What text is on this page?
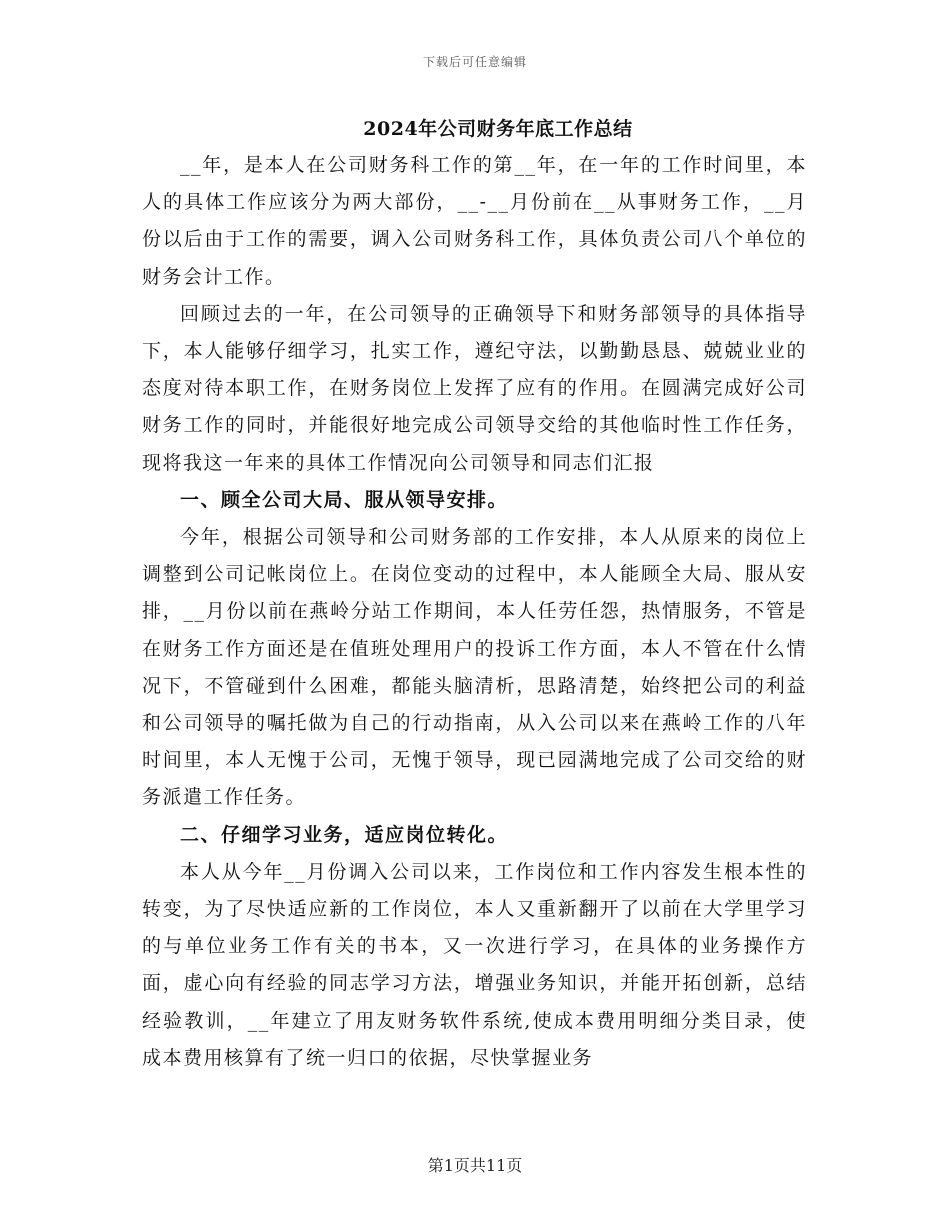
下载后可任意编辑
2024年公司财务年底工作总结

__年，是本人在公司财务科工作的第__年，在一年的工作时间里，本人的具体工作应该分为两大部份，__-__月份前在__从事财务工作，__月份以后由于工作的需要，调入公司财务科工作，具体负责公司八个单位的财务会计工作。

回顾过去的一年，在公司领导的正确领导下和财务部领导的具体指导下，本人能够仔细学习，扎实工作，遵纪守法，以勤勤恳恳、兢兢业业的态度对待本职工作，在财务岗位上发挥了应有的作用。在圆满完成好公司财务工作的同时，并能很好地完成公司领导交给的其他临时性工作任务，现将我这一年来的具体工作情况向公司领导和同志们汇报

一、顾全公司大局、服从领导安排。

今年，根据公司领导和公司财务部的工作安排，本人从原来的岗位上调整到公司记帐岗位上。在岗位变动的过程中，本人能顾全大局、服从安排，__月份以前在燕岭分站工作期间，本人任劳任怨，热情服务，不管是在财务工作方面还是在值班处理用户的投诉工作方面，本人不管在什么情况下，不管碰到什么困难，都能头脑清析，思路清楚，始终把公司的利益和公司领导的嘱托做为自己的行动指南，从入公司以来在燕岭工作的八年时间里，本人无愧于公司，无愧于领导，现已园满地完成了公司交给的财务派遣工作任务。

二、仔细学习业务，适应岗位转化。

本人从今年__月份调入公司以来，工作岗位和工作内容发生根本性的转变，为了尽快适应新的工作岗位，本人又重新翻开了以前在大学里学习的与单位业务工作有关的书本，又一次进行学习，在具体的业务操作方面，虚心向有经验的同志学习方法，增强业务知识，并能开拓创新，总结经验教训，__年建立了用友财务软件系统,使成本费用明细分类目录，使成本费用核算有了统一归口的依据，尽快掌握业务

第1页共11页
